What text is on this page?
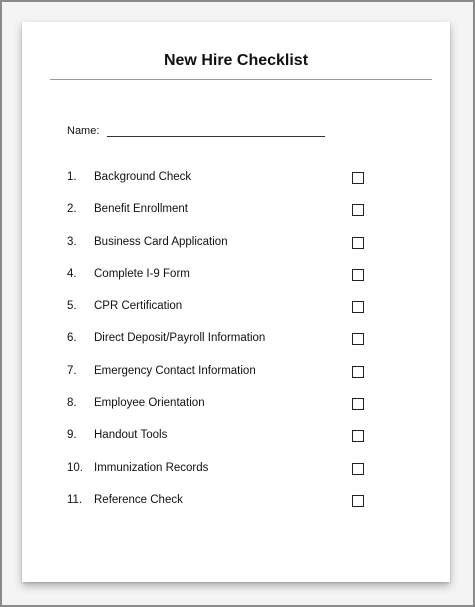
New Hire Checklist
Name:
1. Background Check
2. Benefit Enrollment
3. Business Card Application
4. Complete I-9 Form
5. CPR Certification
6. Direct Deposit/Payroll Information
7. Emergency Contact Information
8. Employee Orientation
9. Handout Tools
10. Immunization Records
11. Reference Check
